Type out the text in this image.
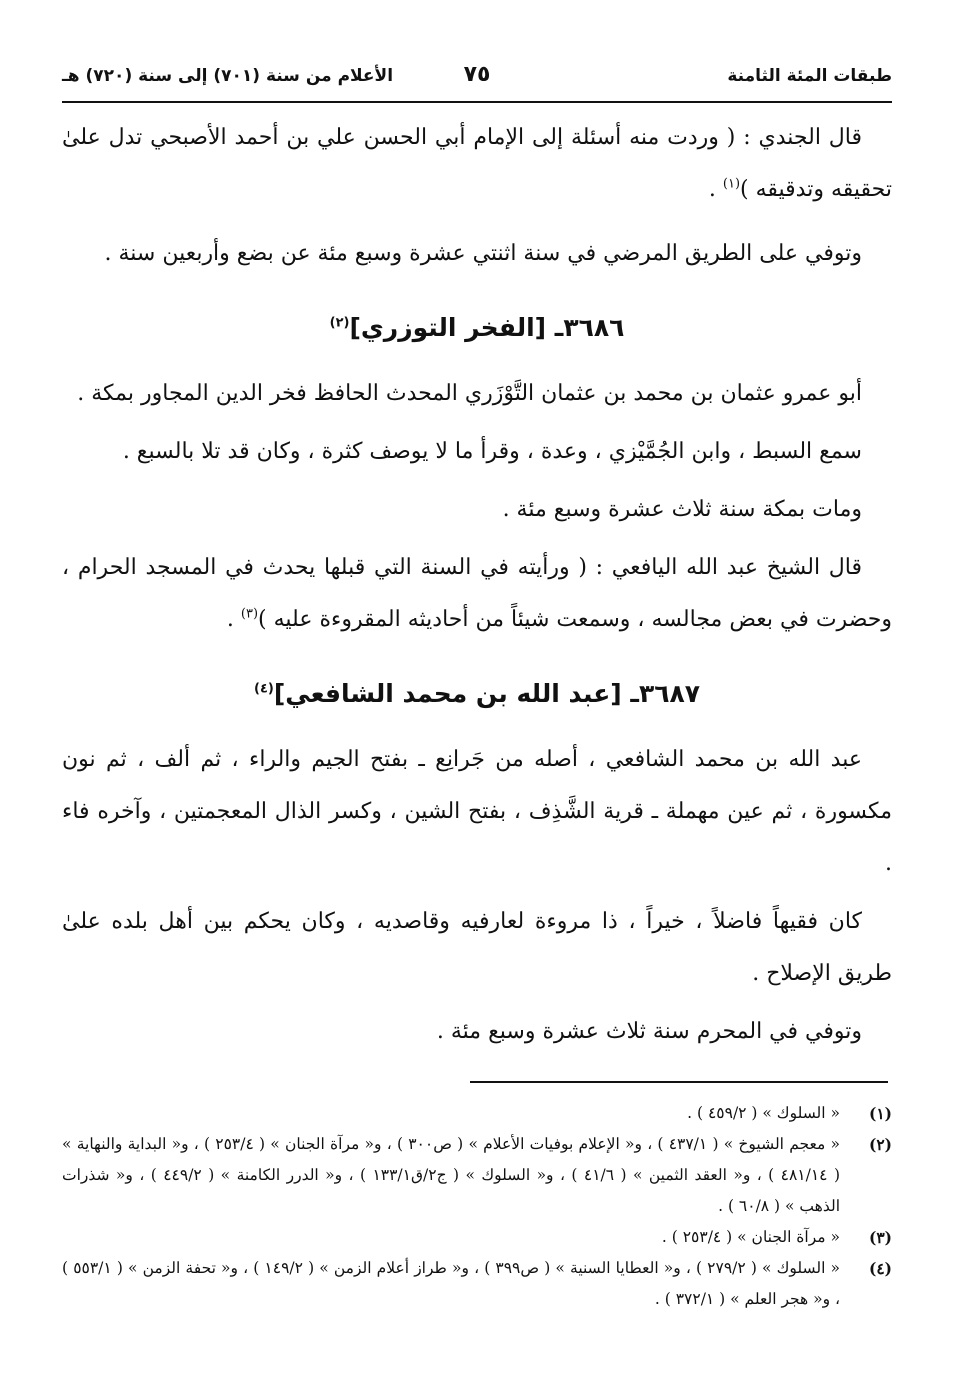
طبقات المئة الثامنة
٧٥
الأعلام من سنة (٧٠١) إلى سنة (٧٢٠) هـ

قال الجندي : ( وردت منه أسئلة إلى الإمام أبي الحسن علي بن أحمد الأصبحي تدل علىٰ تحقيقه وتدقيقه )$^{(١)}$ .

وتوفي على الطريق المرضي في سنة اثنتي عشرة وسبع مئة عن بضع وأربعين سنة .

٣٦٨٦ـ [الفخر التوزري]$^{(٢)}$

أبو عمرو عثمان بن محمد بن عثمان التَّوْزَري المحدث الحافظ فخر الدين المجاور بمكة .

سمع السبط ، وابن الجُمَّيْزي ، وعدة ، وقرأ ما لا يوصف كثرة ، وكان قد تلا بالسبع .

ومات بمكة سنة ثلاث عشرة وسبع مئة .

قال الشيخ عبد الله اليافعي : ( ورأيته في السنة التي قبلها يحدث في المسجد الحرام ، وحضرت في بعض مجالسه ، وسمعت شيئاً من أحاديثه المقروءة عليه )$^{(٣)}$ .

٣٦٨٧ـ [عبد الله بن محمد الشافعي]$^{(٤)}$

عبد الله بن محمد الشافعي ، أصله من جَرانِع ـ بفتح الجيم والراء ، ثم ألف ، ثم نون مكسورة ، ثم عين مهملة ـ قرية الشَّذِف ، بفتح الشين ، وكسر الذال المعجمتين ، وآخره فاء .

كان فقيهاً فاضلاً ، خيراً ، ذا مروءة لعارفيه وقاصديه ، وكان يحكم بين أهل بلده علىٰ طريق الإصلاح .

وتوفي في المحرم سنة ثلاث عشرة وسبع مئة .

(١)
« السلوك » ( ٤٥٩/٢ ) .
(٢)
« معجم الشيوخ » ( ٤٣٧/١ ) ، و« الإعلام بوفيات الأعلام » ( ص٣٠٠ ) ، و« مرآة الجنان » ( ٢٥٣/٤ ) ، و« البداية والنهاية » ( ٤٨١/١٤ ) ، و« العقد الثمين » ( ٤١/٦ ) ، و« السلوك » ( ج٢/ق١٣٣/١ ) ، و« الدرر الكامنة » ( ٤٤٩/٢ ) ، و« شذرات الذهب » ( ٦٠/٨ ) .
(٣)
« مرآة الجنان » ( ٢٥٣/٤ ) .
(٤)
« السلوك » ( ٢٧٩/٢ ) ، و« العطايا السنية » ( ص٣٩٩ ) ، و« طراز أعلام الزمن » ( ١٤٩/٢ ) ، و« تحفة الزمن » ( ٥٥٣/١ ) ، و« هجر العلم » ( ٣٧٢/١ ) .
